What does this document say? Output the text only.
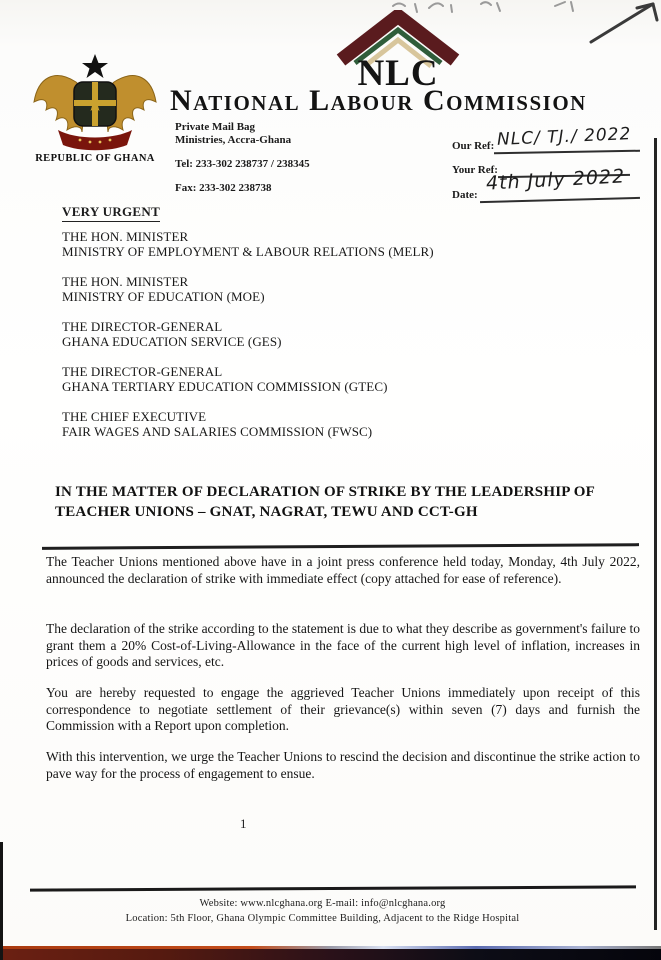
REPUBLIC OF GHANA
NLC
National Labour Commission
Private Mail Bag
Ministries, Accra-Ghana
Tel: 233-302 238737 / 238345
Fax: 233-302 238738
Our Ref: NLC/ TJ./ 2022
Your Ref:
Date:
4th July 2022
VERY URGENT
THE HON. MINISTER
MINISTRY OF EMPLOYMENT & LABOUR RELATIONS (MELR)
THE HON. MINISTER
MINISTRY OF EDUCATION (MOE)
THE DIRECTOR-GENERAL
GHANA EDUCATION SERVICE (GES)
THE DIRECTOR-GENERAL
GHANA TERTIARY EDUCATION COMMISSION (GTEC)
THE CHIEF EXECUTIVE
FAIR WAGES AND SALARIES COMMISSION (FWSC)

IN THE MATTER OF DECLARATION OF STRIKE BY THE LEADERSHIP OF TEACHER UNIONS – GNAT, NAGRAT, TEWU AND CCT-GH

The Teacher Unions mentioned above have in a joint press conference held today, Monday, 4th July 2022, announced the declaration of strike with immediate effect (copy attached for ease of reference).

The declaration of the strike according to the statement is due to what they describe as government's failure to grant them a 20% Cost-of-Living-Allowance in the face of the current high level of inflation, increases in prices of goods and services, etc.

You are hereby requested to engage the aggrieved Teacher Unions immediately upon receipt of this correspondence to negotiate settlement of their grievance(s) within seven (7) days and furnish the Commission with a Report upon completion.

With this intervention, we urge the Teacher Unions to rescind the decision and discontinue the strike action to pave way for the process of engagement to ensue.

1
Website: www.nlcghana.org E-mail: info@nlcghana.org
Location: 5th Floor, Ghana Olympic Committee Building, Adjacent to the Ridge Hospital
